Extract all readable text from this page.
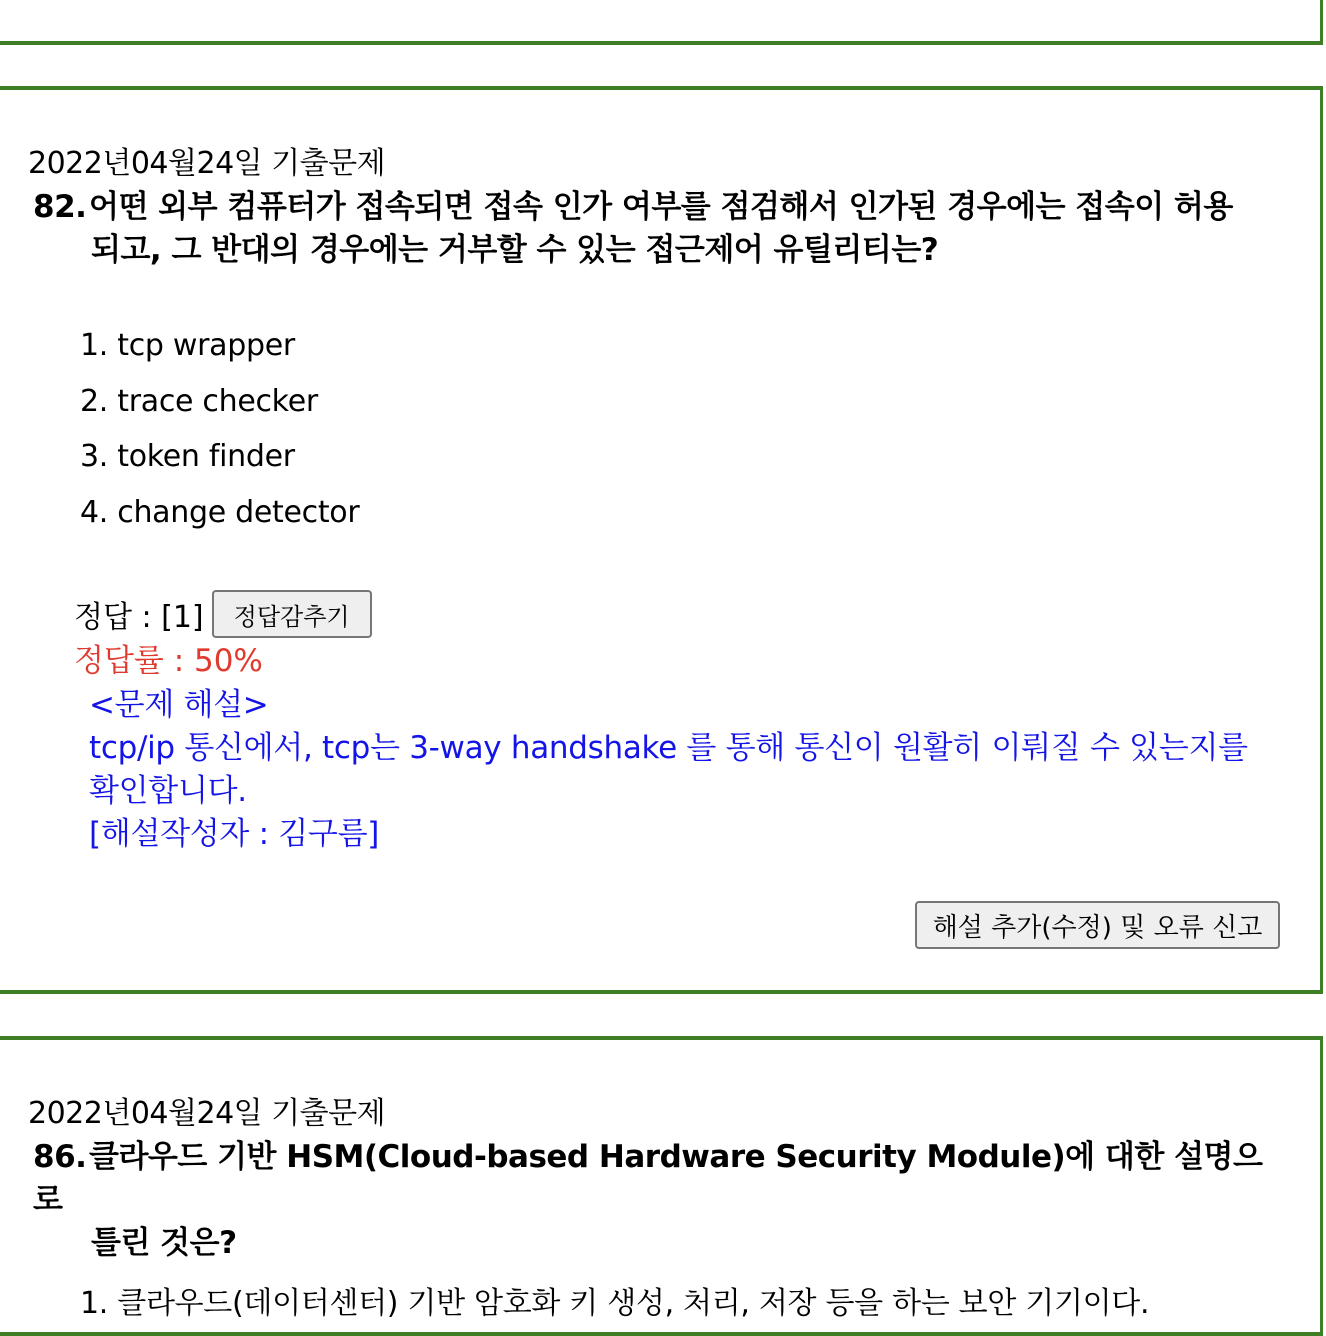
2022년04월24일 기출문제
82.어떤 외부 컴퓨터가 접속되면 접속 인가 여부를 점검해서 인가된 경우에는 접속이 허용
되고, 그 반대의 경우에는 거부할 수 있는 접근제어 유틸리티는?
1. tcp wrapper
2. trace checker
3. token finder
4. change detector
정답 : [1]	정답감추기
정답률 : 50%
<문제 해설>
tcp/ip 통신에서, tcp는 3-way handshake 를 통해 통신이 원활히 이뤄질 수 있는지를
확인합니다.
[해설작성자 : 김구름]
해설 추가(수정) 및 오류 신고
2022년04월24일 기출문제
86.클라우드 기반 HSM(Cloud-based Hardware Security Module)에 대한 설명으로
틀린 것은?
1. 클라우드(데이터센터) 기반 암호화 키 생성, 처리, 저장 등을 하는 보안 기기이다.
